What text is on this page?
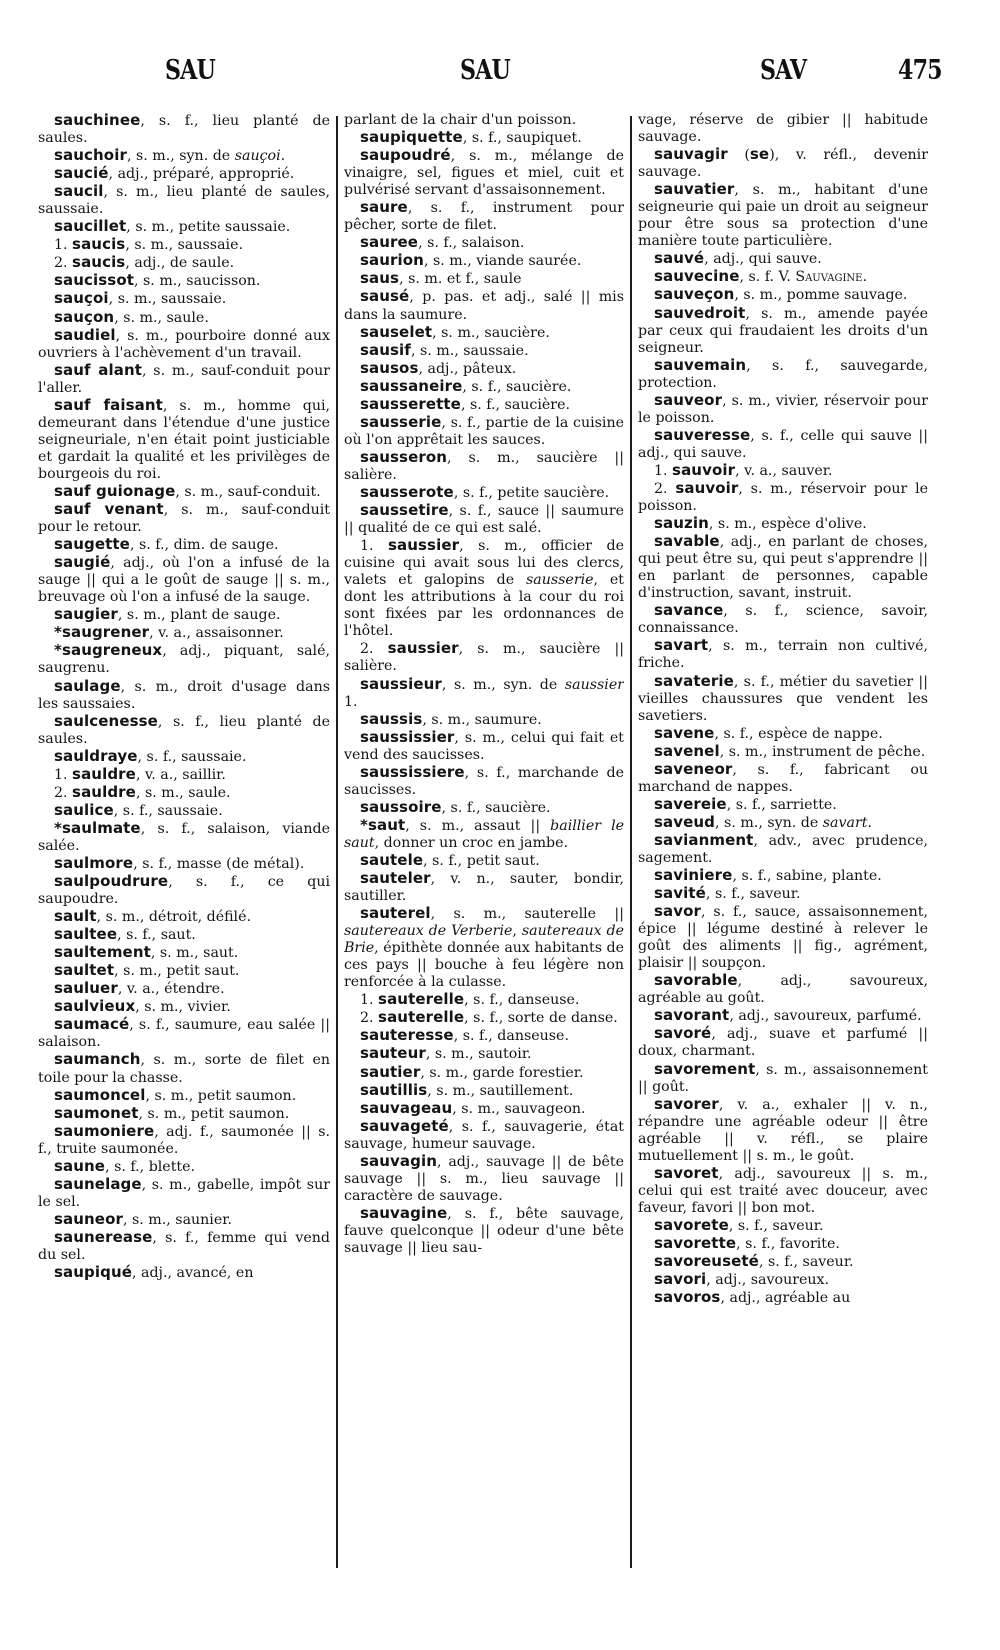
SAU	SAU	SAV	475

sauchinee, s. f., lieu planté de saules.

sauchoir, s. m., syn. de sauçoi.

saucié, adj., préparé, approprié.

saucil, s. m., lieu planté de saules, saussaie.

saucillet, s. m., petite saussaie.

1. saucis, s. m., saussaie.

2. saucis, adj., de saule.

saucissot, s. m., saucisson.

sauçoi, s. m., saussaie.

sauçon, s. m., saule.

saudiel, s. m., pourboire donné aux ouvriers à l'achèvement d'un travail.

sauf alant, s. m., sauf-conduit pour l'aller.

sauf faisant, s. m., homme qui, demeurant dans l'étendue d'une justice seigneuriale, n'en était point justiciable et gardait la qualité et les privilèges de bourgeois du roi.

sauf guionage, s. m., sauf-conduit.

sauf venant, s. m., sauf-conduit pour le retour.

saugette, s. f., dim. de sauge.

saugié, adj., où l'on a infusé de la sauge || qui a le goût de sauge || s. m., breuvage où l'on a infusé de la sauge.

saugier, s. m., plant de sauge.

*saugrener, v. a., assaisonner.

*saugreneux, adj., piquant, salé, saugrenu.

saulage, s. m., droit d'usage dans les saussaies.

saulcenesse, s. f., lieu planté de saules.

sauldraye, s. f., saussaie.

1. sauldre, v. a., saillir.

2. sauldre, s. m., saule.

saulice, s. f., saussaie.

*saulmate, s. f., salaison, viande salée.

saulmore, s. f., masse (de métal).

saulpoudrure, s. f., ce qui saupoudre.

sault, s. m., détroit, défilé.

saultee, s. f., saut.

saultement, s. m., saut.

saultet, s. m., petit saut.

sauluer, v. a., étendre.

saulvieux, s. m., vivier.

saumacé, s. f., saumure, eau salée || salaison.

saumanch, s. m., sorte de filet en toile pour la chasse.

saumoncel, s. m., petit saumon.

saumonet, s. m., petit saumon.

saumoniere, adj. f., saumonée || s. f., truite saumonée.

saune, s. f., blette.

saunelage, s. m., gabelle, impôt sur le sel.

sauneor, s. m., saunier.

saunerease, s. f., femme qui vend du sel.

saupiqué, adj., avancé, en

parlant de la chair d'un poisson.

saupiquette, s. f., saupiquet.

saupoudré, s. m., mélange de vinaigre, sel, figues et miel, cuit et pulvérisé servant d'assaisonnement.

saure, s. f., instrument pour pêcher, sorte de filet.

sauree, s. f., salaison.

saurion, s. m., viande saurée.

saus, s. m. et f., saule

sausé, p. pas. et adj., salé || mis dans la saumure.

sauselet, s. m., saucière.

sausif, s. m., saussaie.

sausos, adj., pâteux.

saussaneire, s. f., saucière.

sausserette, s. f., saucière.

sausserie, s. f., partie de la cuisine où l'on apprêtait les sauces.

sausseron, s. m., saucière || salière.

sausserote, s. f., petite saucière.

saussetire, s. f., sauce || saumure || qualité de ce qui est salé.

1. saussier, s. m., officier de cuisine qui avait sous lui des clercs, valets et galopins de sausserie, et dont les attributions à la cour du roi sont fixées par les ordonnances de l'hôtel.

2. saussier, s. m., saucière || salière.

saussieur, s. m., syn. de saussier 1.

saussis, s. m., saumure.

saussissier, s. m., celui qui fait et vend des saucisses.

saussissiere, s. f., marchande de saucisses.

saussoire, s. f., saucière.

*saut, s. m., assaut || baillier le saut, donner un croc en jambe.

sautele, s. f., petit saut.

sauteler, v. n., sauter, bondir, sautiller.

sauterel, s. m., sauterelle || sautereaux de Verberie, sautereaux de Brie, épithète donnée aux habitants de ces pays || bouche à feu légère non renforcée à la culasse.

1. sauterelle, s. f., danseuse.

2. sauterelle, s. f., sorte de danse.

sauteresse, s. f., danseuse.

sauteur, s. m., sautoir.

sautier, s. m., garde forestier.

sautillis, s. m., sautillement.

sauvageau, s. m., sauvageon.

sauvageté, s. f., sauvagerie, état sauvage, humeur sauvage.

sauvagin, adj., sauvage || de bête sauvage || s. m., lieu sauvage || caractère de sauvage.

sauvagine, s. f., bête sauvage, fauve quelconque || odeur d'une bête sauvage || lieu sau-

vage, réserve de gibier || habitude sauvage.

sauvagir (se), v. réfl., devenir sauvage.

sauvatier, s. m., habitant d'une seigneurie qui paie un droit au seigneur pour être sous sa protection d'une manière toute particulière.

sauvé, adj., qui sauve.

sauvecine, s. f. V. Sauvagine.

sauveçon, s. m., pomme sauvage.

sauvedroit, s. m., amende payée par ceux qui fraudaient les droits d'un seigneur.

sauvemain, s. f., sauvegarde, protection.

sauveor, s. m., vivier, réservoir pour le poisson.

sauveresse, s. f., celle qui sauve || adj., qui sauve.

1. sauvoir, v. a., sauver.

2. sauvoir, s. m., réservoir pour le poisson.

sauzin, s. m., espèce d'olive.

savable, adj., en parlant de choses, qui peut être su, qui peut s'apprendre || en parlant de personnes, capable d'instruction, savant, instruit.

savance, s. f., science, savoir, connaissance.

savart, s. m., terrain non cultivé, friche.

savaterie, s. f., métier du savetier || vieilles chaussures que vendent les savetiers.

savene, s. f., espèce de nappe.

savenel, s. m., instrument de pêche.

saveneor, s. f., fabricant ou marchand de nappes.

savereie, s. f., sarriette.

saveud, s. m., syn. de savart.

savianment, adv., avec prudence, sagement.

saviniere, s. f., sabine, plante.

savité, s. f., saveur.

savor, s. f., sauce, assaisonnement, épice || légume destiné à relever le goût des aliments || fig., agrément, plaisir || soupçon.

savorable, adj., savoureux, agréable au goût.

savorant, adj., savoureux, parfumé.

savoré, adj., suave et parfumé || doux, charmant.

savorement, s. m., assaisonnement || goût.

savorer, v. a., exhaler || v. n., répandre une agréable odeur || être agréable || v. réfl., se plaire mutuellement || s. m., le goût.

savoret, adj., savoureux || s. m., celui qui est traité avec douceur, avec faveur, favori || bon mot.

savorete, s. f., saveur.

savorette, s. f., favorite.

savoreuseté, s. f., saveur.

savori, adj., savoureux.

savoros, adj., agréable au
